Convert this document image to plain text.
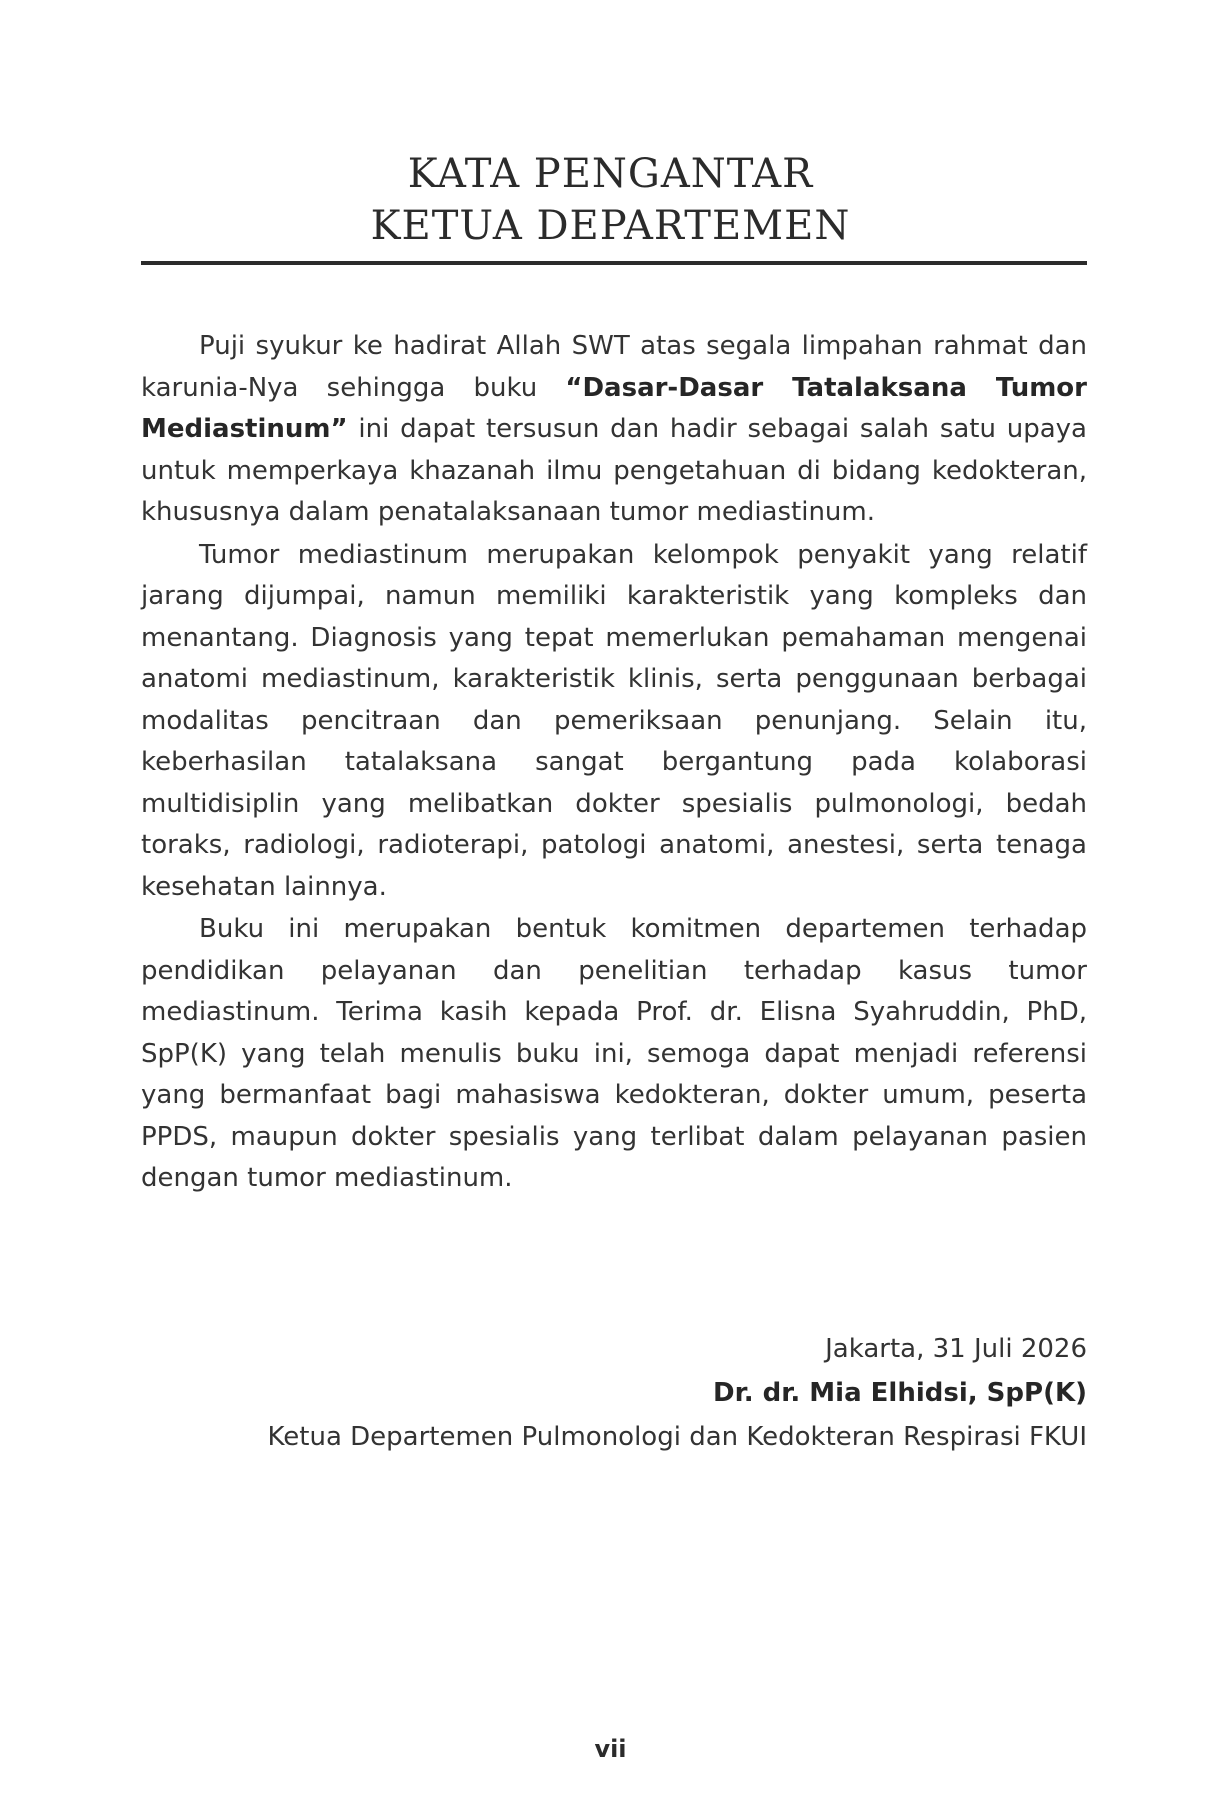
KATA PENGANTAR
KETUA DEPARTEMEN

Puji syukur ke hadirat Allah SWT atas segala limpahan rahmat dan karunia-Nya sehingga buku “Dasar-Dasar Tatalaksana Tumor Mediastinum” ini dapat tersusun dan hadir sebagai salah satu upaya untuk memperkaya khazanah ilmu pengetahuan di bidang kedokteran, khususnya dalam penatalaksanaan tumor mediastinum.

Tumor mediastinum merupakan kelompok penyakit yang relatif jarang dijumpai, namun memiliki karakteristik yang kompleks dan menantang. Diagnosis yang tepat memerlukan pemahaman mengenai anatomi mediastinum, karakteristik klinis, serta penggunaan berbagai modalitas pencitraan dan pemeriksaan penunjang. Selain itu, keberhasilan tatalaksana sangat bergantung pada kolaborasi multidisiplin yang melibatkan dokter spesialis pulmonologi, bedah toraks, radiologi, radioterapi, patologi anatomi, anestesi, serta tenaga kesehatan lainnya.

Buku ini merupakan bentuk komitmen departemen terhadap pendidikan pelayanan dan penelitian terhadap kasus tumor mediastinum. Terima kasih kepada Prof. dr. Elisna Syahruddin, PhD, SpP(K) yang telah menulis buku ini, semoga dapat menjadi referensi yang bermanfaat bagi mahasiswa kedokteran, dokter umum, peserta PPDS, maupun dokter spesialis yang terlibat dalam pelayanan pasien dengan tumor mediastinum.

Jakarta, 31 Juli 2026
Dr. dr. Mia Elhidsi, SpP(K)
Ketua Departemen Pulmonologi dan Kedokteran Respirasi FKUI
vii
